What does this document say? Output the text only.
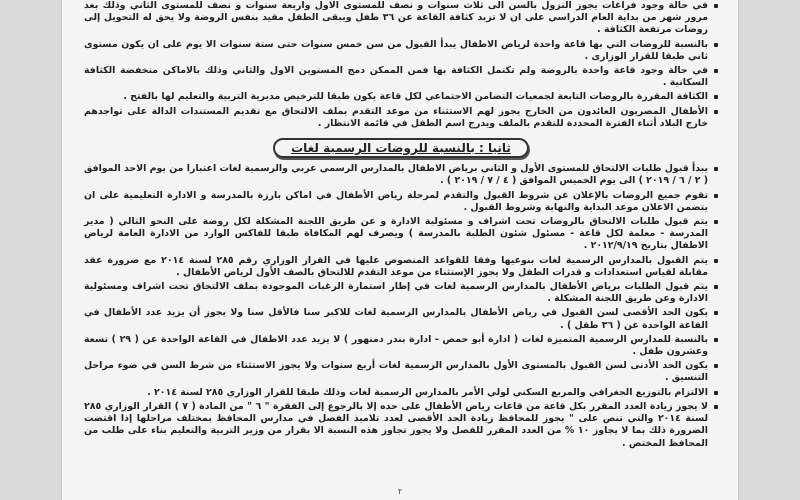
في حالة وجود فراغات يجوز النزول بالسن الى ثلاث سنوات و نصف للمستوى الاول واربعة سنوات و نصف للمستوى الثاني وذلك بعد مرور شهر من بداية العام الدراسي على ان لا تزيد كثافة القاعة عن ٣٦ طفل ويبقى الطفل مقيد بنفس الروضة ولا يحق له التحويل إلى روضات مرتفعة الكثافة .
بالنسبة للروضات التي بها قاعة واحدة لرياض الاطفال يبدأ القبول من سن خمس سنوات حتى ستة سنوات الا يوم على ان يكون مستوى ثاني طبقا للقرار الوزارى .
في حالة وجود قاعة واحدة بالروضة ولم تكتمل الكثافة بها فمن الممكن دمج المستوين الاول والثاني وذلك بالاماكن منخفضة الكثافة السكانية .
الكثافة المقررة بالروضات التابعة لجمعيات التضامن الاجتماعي لكل قاعة يكون طبقا للترخيص مديرية التربية والتعليم لها بالفتح .
الأطفال المصريون العائدون من الخارج يجوز لهم الاستثناء من موعد التقدم بملف الالتحاق مع تقديم المستندات الدالة على تواجدهم خارج البلاد أثناء الفترة المحددة للتقدم بالملف ويدرج اسم الطفل في قائمة الانتظار .
ثانيا : بالنسبة للروضات الرسمية لغات
يبدأ قبول طلبات الالتحاق للمستوى الأول و الثاني برياض الاطفال بالمدارس الرسمي عربي والرسمية لغات اعتبارا من يوم الاحد الموافق ( ٢ / ٦ / ٢٠١٩ ) الى يوم الخميس الموافق ( ٤ / ٧ / ٢٠١٩ ) .
تقوم جميع الروضات بالإعلان عن شروط القبول والتقدم لمرحلة رياض الأطفال في اماكن بارزة بالمدرسة و الادارة التعليمية على ان يتضمن الاعلان موعد البداية والنهاية وشروط القبول .
يتم قبول طلبات الالتحاق بالروضات تحت اشراف و مسئولية الادارة و عن طريق اللجنة المشكلة لكل روضة على النحو التالي ( مدير المدرسة - معلمة لكل قاعة - مسئول شئون الطلبة بالمدرسة ) ويصرف لهم المكافاة طبقا للفاكس الوارد من الادارة العامة لرياض الاطفال بتاريخ ٢٠١٢/٩/١٩ .
يتم القبول بالمدارس الرسمية لغات بنوعيها وفقا للقواعد المنصوص عليها في القرار الوزاري رقم ٢٨٥ لسنة ٢٠١٤ مع ضرورة عقد مقابلة لقياس استعدادات و قدرات الطفل ولا يجوز الإستثناء من موعد التقدم للالتحاق بالصف الأول لرياض الأطفال .
يتم قبول الطلبات برياض الأطفال بالمدارس الرسمية لغات في إطار استمارة الرغبات الموجودة بملف الالتحاق تحت اشراف ومسئولية الادارة وعن طريق اللجنة المشكلة .
يكون الحد الأقصى لسن القبول في رياض الأطفال بالمدارس الرسمية لغات للاكبر سنا فالأقل سنا ولا يجوز أن يزيد عدد الأطفال في القاعة الواحدة عن ( ٣٦ طفل ) .
بالنسبة للمدارس الرسمية المتميزة لغات ( ادارة أبو حمص - ادارة بندر دمنهور ) لا يزيد عدد الاطفال في القاعة الواحدة عن ( ٢٩ ) تسعة وعشرون طفل .
يكون الحد الأدنى لسن القبول بالمستوى الأول بالمدارس الرسمية لغات أربع سنوات ولا يجوز الاستثناء من شرط السن في ضوء مراحل التنسيق .
الالتزام بالتوزيع الجغرافي والمربع السكني لولي الأمر بالمدارس الرسمية لغات وذلك طبقا للقرار الوزاري ٢٨٥ لسنة ٢٠١٤ .
لا يجوز زيادة العدد المقرر بكل قاعة من قاعات رياض الأطفال على حده إلا بالرجوع إلى الفقرة " ٦ " من المادة ( ٧ ) القرار الوزاري ٢٨٥ لسنة ٢٠١٤ والتي تنص على " يجوز للمحافظ زيادة الحد الأقصى لعدد تلاميذ الفصل في مدارس المحافظ بمختلف مراحلها إذا اقتضت الضرورة ذلك بما لا يجاوز ١٠ % من العدد المقرر للفصل ولا يجوز تجاوز هذه النسبة الا بقرار من وزير التربية والتعليم بناء على طلب من المحافظ المختص .
٢
